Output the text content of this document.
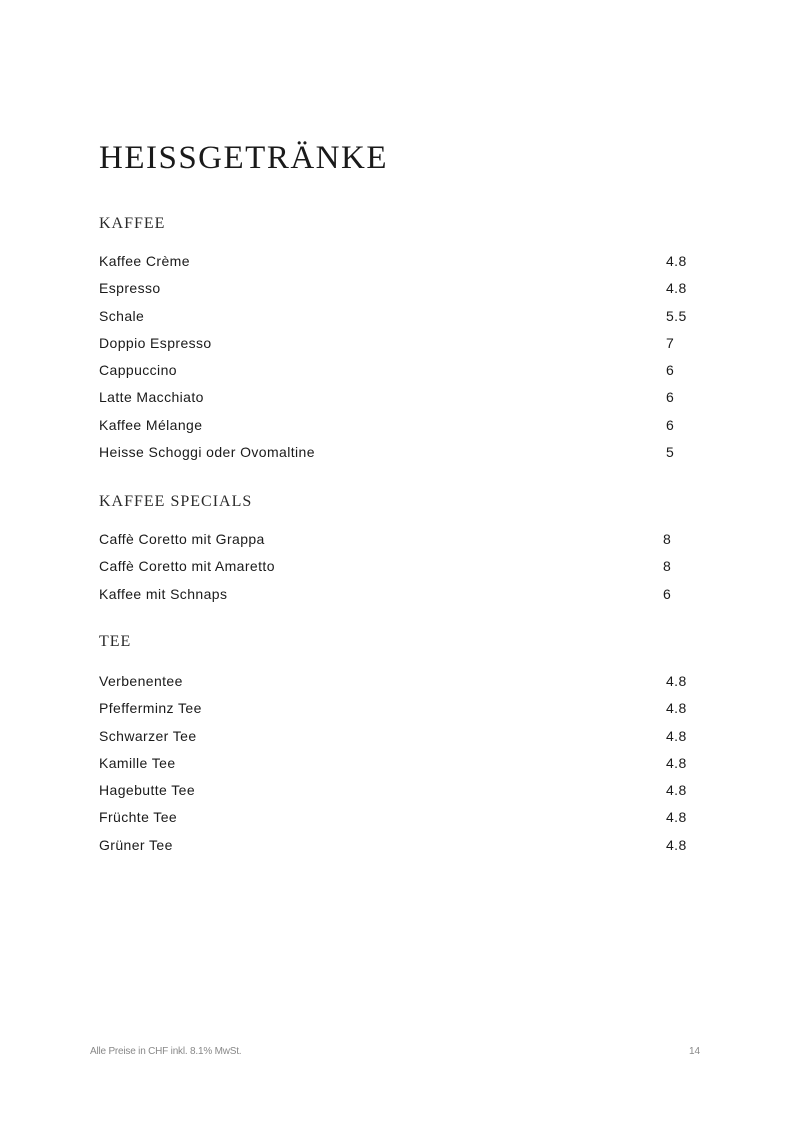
HEISSGETRÄNKE
KAFFEE
Kaffee Crème	4.8
Espresso	4.8
Schale	5.5
Doppio Espresso	7
Cappuccino	6
Latte Macchiato	6
Kaffee Mélange	6
Heisse Schoggi oder Ovomaltine	5
KAFFEE SPECIALS
Caffè Coretto mit Grappa	8
Caffè Coretto mit Amaretto	8
Kaffee mit Schnaps	6
TEE
Verbenentee	4.8
Pfefferminz Tee	4.8
Schwarzer Tee	4.8
Kamille Tee	4.8
Hagebutte Tee	4.8
Früchte Tee	4.8
Grüner Tee	4.8
Alle Preise in CHF inkl. 8.1% MwSt.	14
